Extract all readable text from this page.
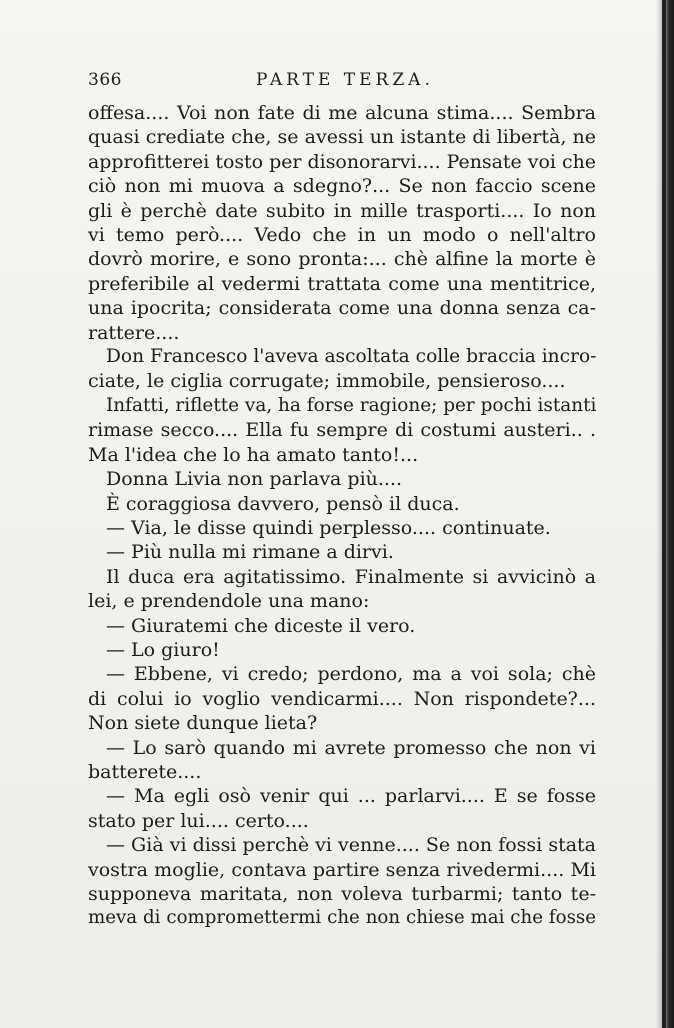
366	PARTE TERZA.
offesa.... Voi non fate di me alcuna stima.... Sembra
quasi crediate che, se avessi un istante di libertà, ne
approfitterei tosto per disonorarvi.... Pensate voi che
ciò non mi muova a sdegno?... Se non faccio scene
gli è perchè date subito in mille trasporti.... Io non
vi temo però.... Vedo che in un modo o nell'altro
dovrò morire, e sono pronta:... chè alfine la morte è
preferibile al vedermi trattata come una mentitrice,
una ipocrita; considerata come una donna senza ca-
rattere....
Don Francesco l'aveva ascoltata colle braccia incro-
ciate, le ciglia corrugate; immobile, pensieroso....
Infatti, riflette va, ha forse ragione; per pochi istanti
rimase secco.... Ella fu sempre di costumi austeri.. .
Ma l'idea che lo ha amato tanto!...
Donna Livia non parlava più....
È coraggiosa davvero, pensò il duca.
— Via, le disse quindi perplesso.... continuate.
— Più nulla mi rimane a dirvi.
Il duca era agitatissimo. Finalmente si avvicinò a
lei, e prendendole una mano:
— Giuratemi che diceste il vero.
— Lo giuro!
— Ebbene, vi credo; perdono, ma a voi sola; chè
di colui io voglio vendicarmi.... Non rispondete?...
Non siete dunque lieta?
— Lo sarò quando mi avrete promesso che non vi
batterete....
— Ma egli osò venir qui ... parlarvi.... E se fosse
stato per lui.... certo....
— Già vi dissi perchè vi venne.... Se non fossi stata
vostra moglie, contava partire senza rivedermi.... Mi
supponeva maritata, non voleva turbarmi; tanto te-
meva di compromettermi che non chiese mai che fosse
